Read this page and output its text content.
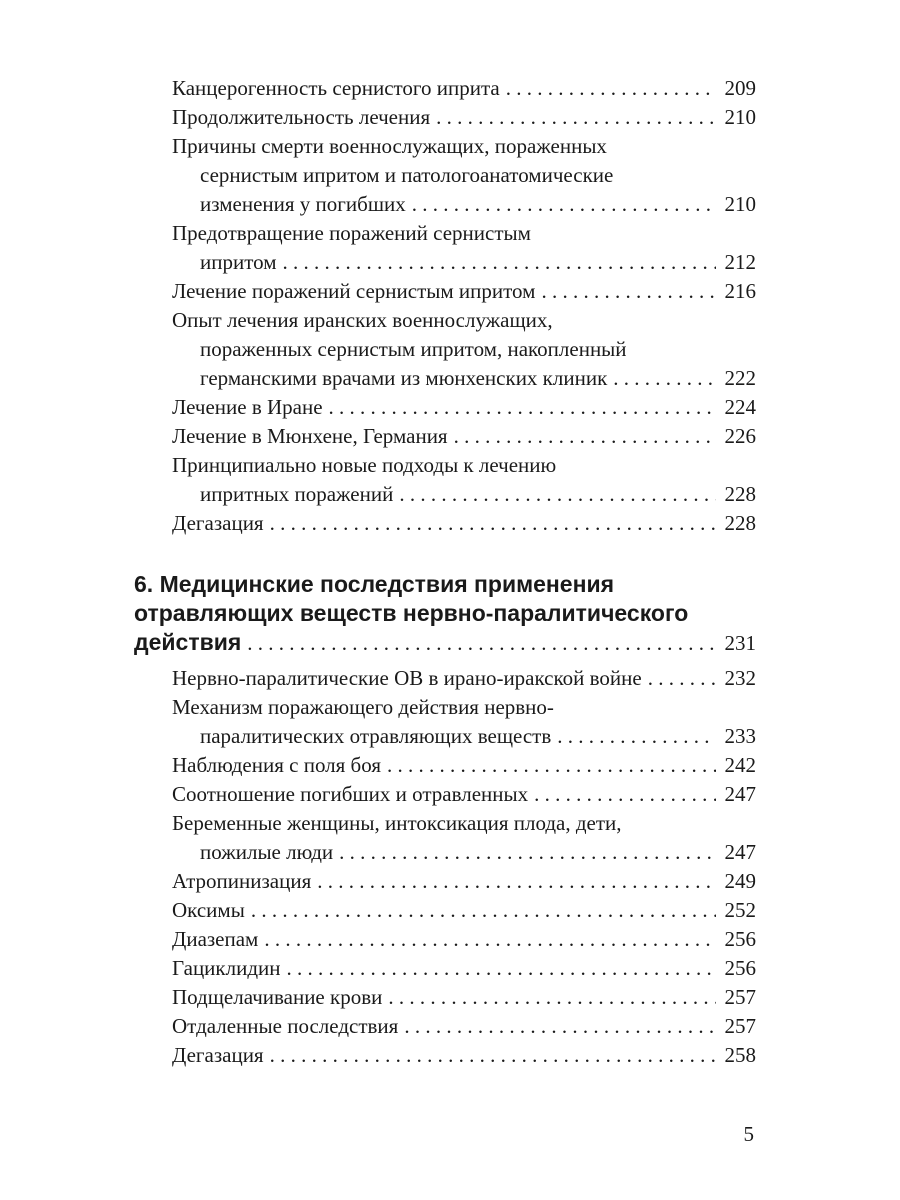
Канцерогенность сернистого иприта . . .	209
Продолжительность лечения . . .	210
Причины смерти военнослужащих, пораженных
сернистым ипритом и патологоанатомические
изменения у погибших . . .	210
Предотвращение поражений сернистым
ипритом . . .	212
Лечение поражений сернистым ипритом . . .	216
Опыт лечения иранских военнослужащих,
пораженных сернистым ипритом, накопленный
германскими врачами из мюнхенских клиник . . .	222
Лечение в Иране . . .	224
Лечение в Мюнхене, Германия . . .	226
Принципиально новые подходы к лечению
ипритных поражений . . .	228
Дегазация . . .	228
6. Медицинские последствия применения
отравляющих веществ нервно-паралитического
действия . . .	231
Нервно-паралитические ОВ в ирано-иракской войне . . .	232
Механизм поражающего действия нервно-
паралитических отравляющих веществ . . .	233
Наблюдения с поля боя . . .	242
Соотношение погибших и отравленных . . .	247
Беременные женщины, интоксикация плода, дети,
пожилые люди . . .	247
Атропинизация . . .	249
Оксимы . . .	252
Диазепам . . .	256
Гациклидин . . .	256
Подщелачивание крови . . .	257
Отдаленные последствия . . .	257
Дегазация . . .	258
5
